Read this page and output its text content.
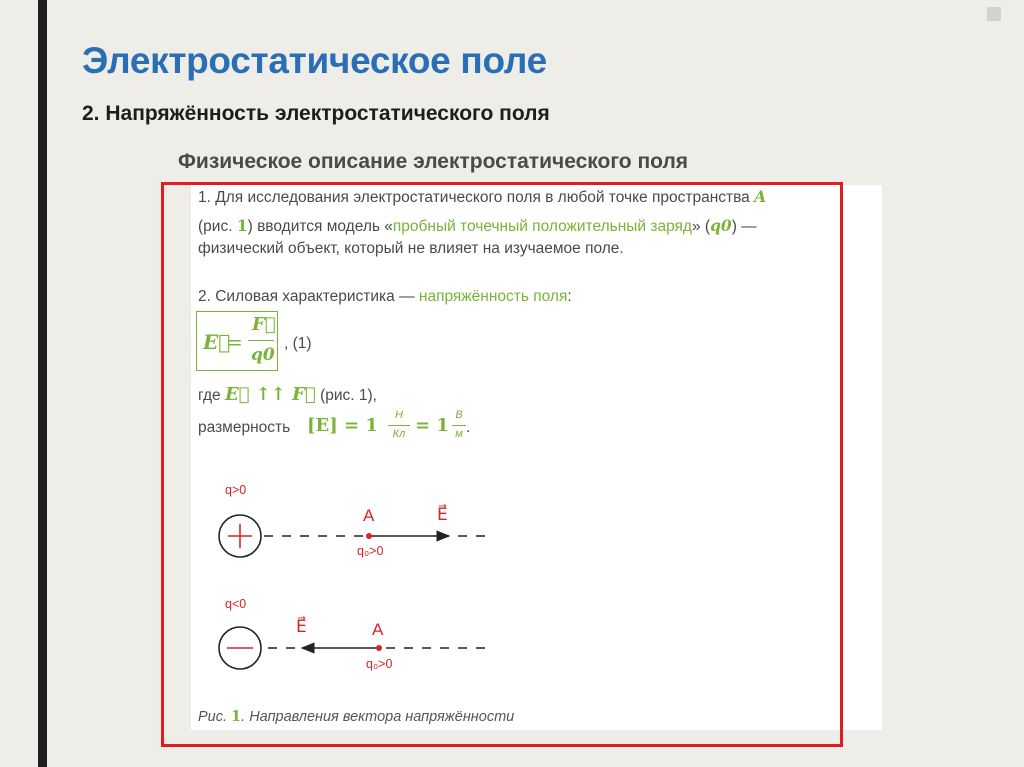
Электростатическое поле
2. Напряжённость электростатического поля
Физическое описание электростатического поля
1. Для исследования электростатического поля в любой точке пространства A
(рис. 1) вводится модель «пробный точечный положительный заряд» (q0) —
физический объект, который не влияет на изучаемое поле.
2. Силовая характеристика — напряжённость поля:
E⃗
=
F⃗
q0
, (1)
где E⃗ ↑↑ F⃗ (рис. 1),
размерность [E] = 1	Н
Кл = 1 В
м .
q>0
A	E⃗
q₀>0
q<0
A
E⃗
q₀>0
Рис. 1. Направления вектора напряжённости
